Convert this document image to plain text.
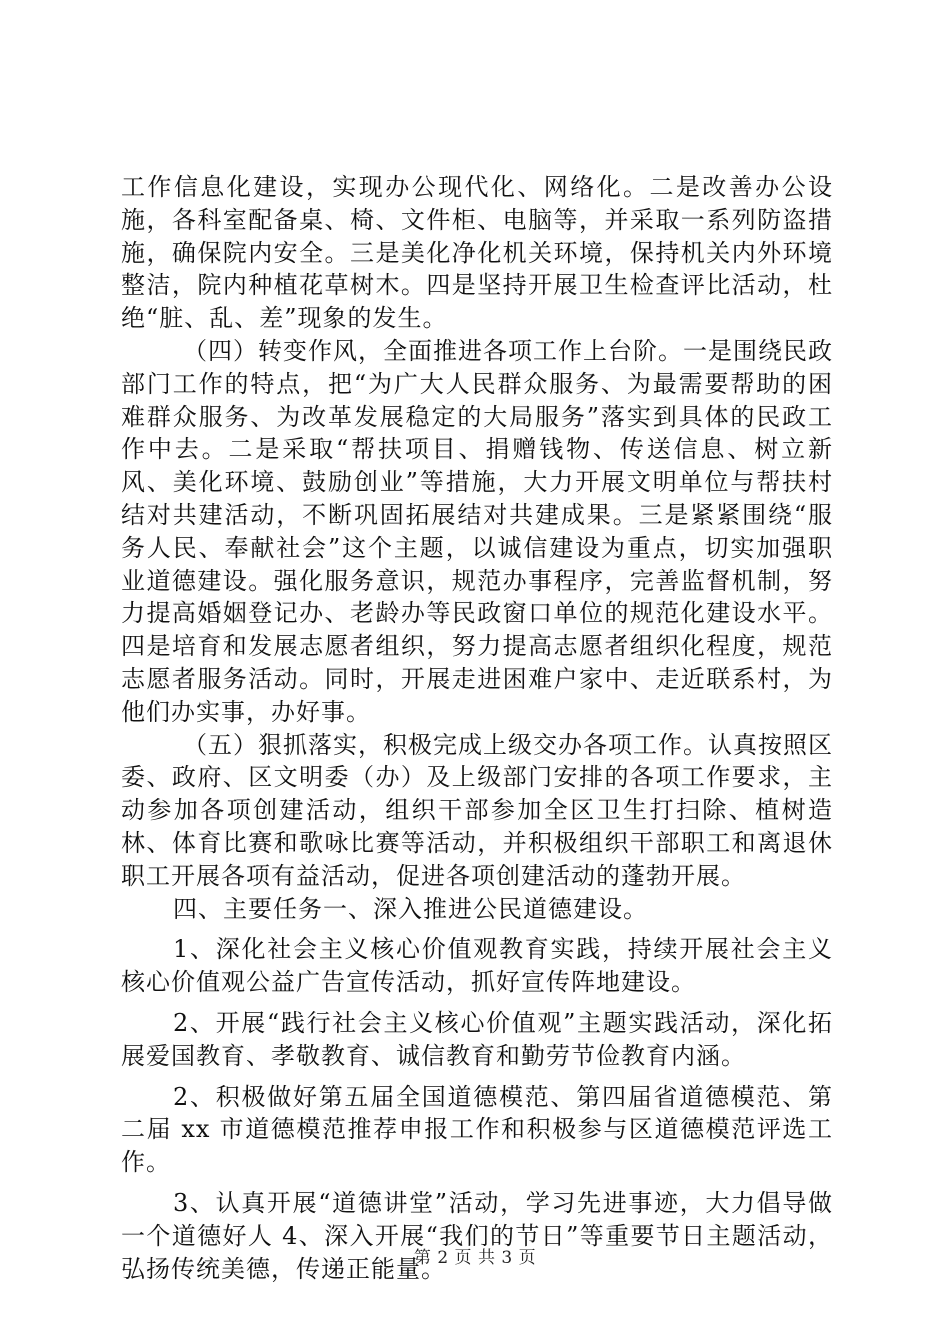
工作信息化建设，实现办公现代化、网络化。二是改善办公设施，各科室配备桌、椅、文件柜、电脑等，并采取一系列防盗措施，确保院内安全。三是美化净化机关环境，保持机关内外环境整洁，院内种植花草树木。四是坚持开展卫生检查评比活动，杜绝“脏、乱、差”现象的发生。

（四）转变作风，全面推进各项工作上台阶。一是围绕民政部门工作的特点，把“为广大人民群众服务、为最需要帮助的困难群众服务、为改革发展稳定的大局服务”落实到具体的民政工作中去。二是采取“帮扶项目、捐赠钱物、传送信息、树立新风、美化环境、鼓励创业”等措施，大力开展文明单位与帮扶村结对共建活动，不断巩固拓展结对共建成果。三是紧紧围绕“服务人民、奉献社会”这个主题，以诚信建设为重点，切实加强职业道德建设。强化服务意识，规范办事程序，完善监督机制，努力提高婚姻登记办、老龄办等民政窗口单位的规范化建设水平。四是培育和发展志愿者组织，努力提高志愿者组织化程度，规范志愿者服务活动。同时，开展走进困难户家中、走近联系村，为他们办实事，办好事。

（五）狠抓落实，积极完成上级交办各项工作。认真按照区委、政府、区文明委（办）及上级部门安排的各项工作要求，主动参加各项创建活动，组织干部参加全区卫生打扫除、植树造林、体育比赛和歌咏比赛等活动，并积极组织干部职工和离退休职工开展各项有益活动，促进各项创建活动的蓬勃开展。

四、主要任务一、深入推进公民道德建设。

1、深化社会主义核心价值观教育实践，持续开展社会主义核心价值观公益广告宣传活动，抓好宣传阵地建设。

2、开展“践行社会主义核心价值观”主题实践活动，深化拓展爱国教育、孝敬教育、诚信教育和勤劳节俭教育内涵。

2、积极做好第五届全国道德模范、第四届省道德模范、第二届 xx 市道德模范推荐申报工作和积极参与区道德模范评选工作。

3、认真开展“道德讲堂”活动，学习先进事迹，大力倡导做一个道德好人 4、深入开展“我们的节日”等重要节日主题活动，弘扬传统美德，传递正能量。

第 2 页 共 3 页
